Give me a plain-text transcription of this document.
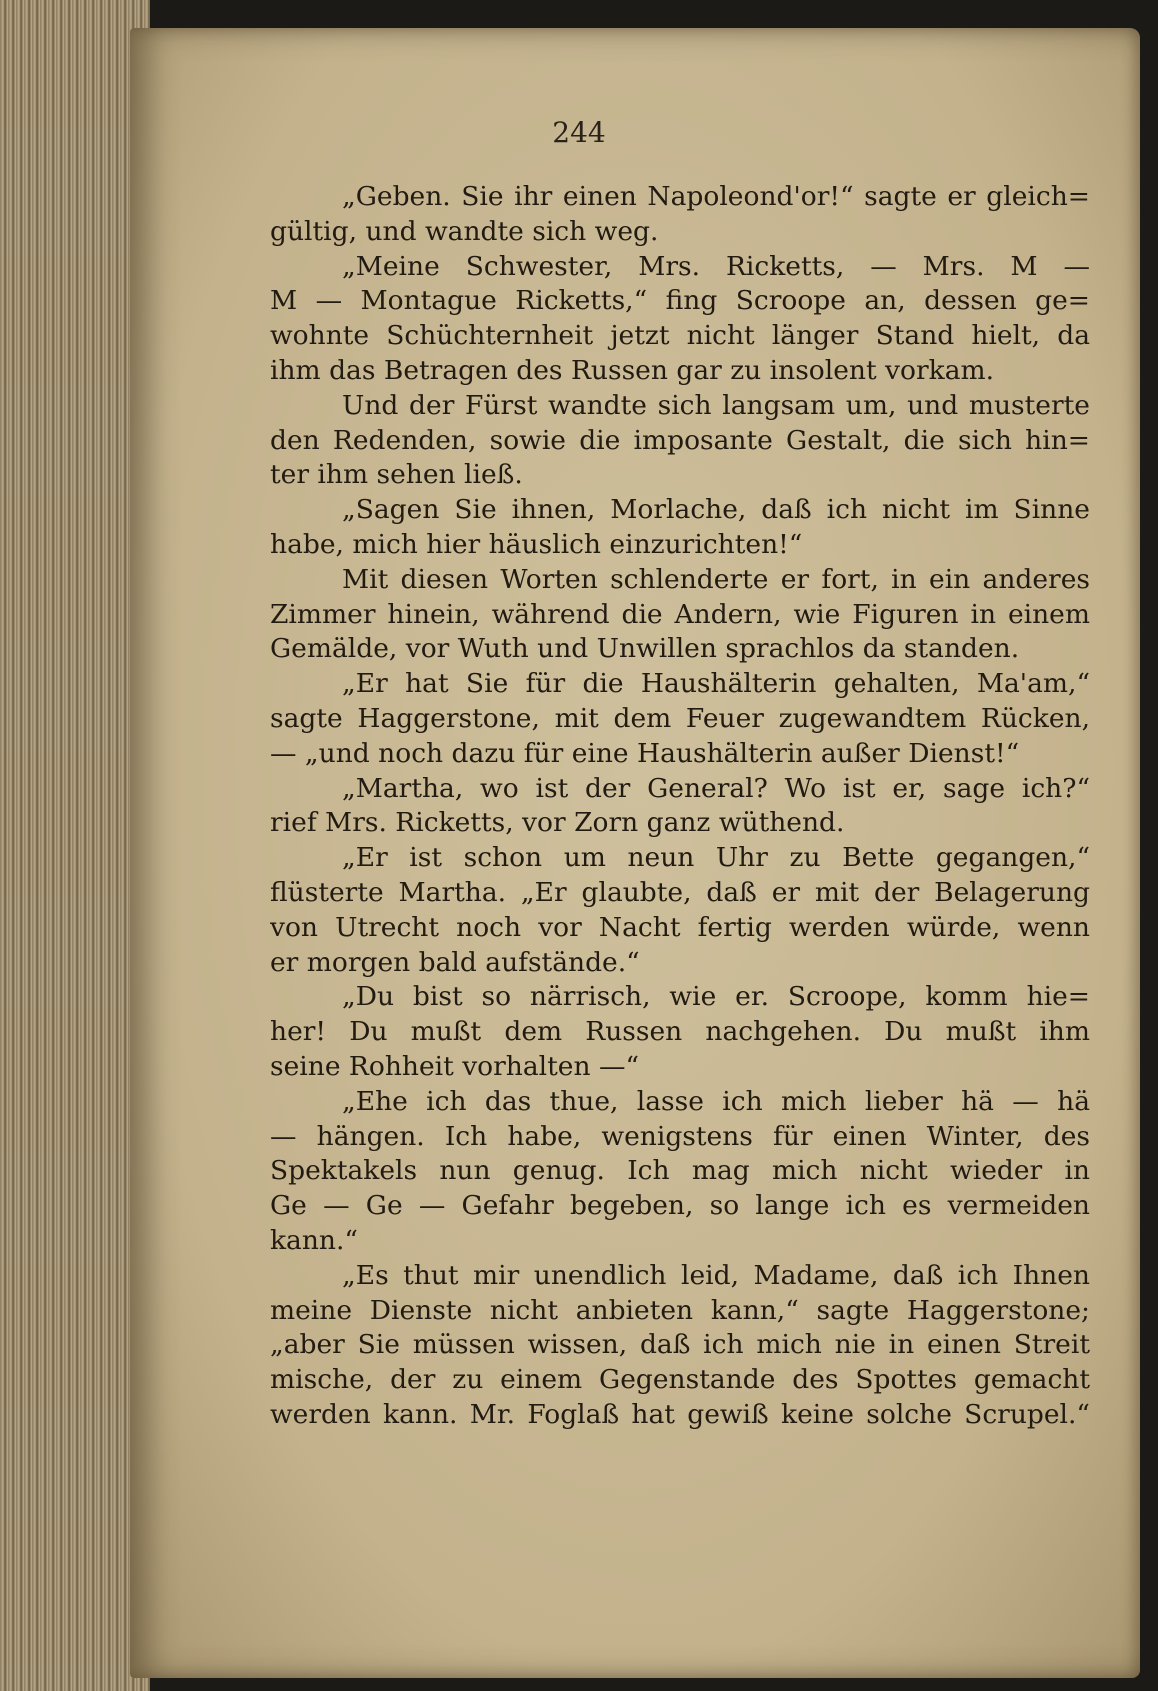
244
„Geben. Sie ihr einen Napoleond'or!“ sagte er gleich=
gültig, und wandte sich weg.
„Meine Schwester, Mrs. Ricketts, — Mrs. M —
M — Montague Ricketts,“ fing Scroope an, dessen ge=
wohnte Schüchternheit jetzt nicht länger Stand hielt, da
ihm das Betragen des Russen gar zu insolent vorkam.
Und der Fürst wandte sich langsam um, und musterte
den Redenden, sowie die imposante Gestalt, die sich hin=
ter ihm sehen ließ.
„Sagen Sie ihnen, Morlache, daß ich nicht im Sinne
habe, mich hier häuslich einzurichten!“
Mit diesen Worten schlenderte er fort, in ein anderes
Zimmer hinein, während die Andern, wie Figuren in einem
Gemälde, vor Wuth und Unwillen sprachlos da standen.
„Er hat Sie für die Haushälterin gehalten, Ma'am,“
sagte Haggerstone, mit dem Feuer zugewandtem Rücken,
— „und noch dazu für eine Haushälterin außer Dienst!“
„Martha, wo ist der General? Wo ist er, sage ich?“
rief Mrs. Ricketts, vor Zorn ganz wüthend.
„Er ist schon um neun Uhr zu Bette gegangen,“
flüsterte Martha. „Er glaubte, daß er mit der Belagerung
von Utrecht noch vor Nacht fertig werden würde, wenn
er morgen bald aufstände.“
„Du bist so närrisch, wie er. Scroope, komm hie=
her! Du mußt dem Russen nachgehen. Du mußt ihm
seine Rohheit vorhalten —“
„Ehe ich das thue, lasse ich mich lieber hä — hä
— hängen. Ich habe, wenigstens für einen Winter, des
Spektakels nun genug. Ich mag mich nicht wieder in
Ge — Ge — Gefahr begeben, so lange ich es vermeiden
kann.“
„Es thut mir unendlich leid, Madame, daß ich Ihnen
meine Dienste nicht anbieten kann,“ sagte Haggerstone;
„aber Sie müssen wissen, daß ich mich nie in einen Streit
mische, der zu einem Gegenstande des Spottes gemacht
werden kann. Mr. Foglaß hat gewiß keine solche Scrupel.“
